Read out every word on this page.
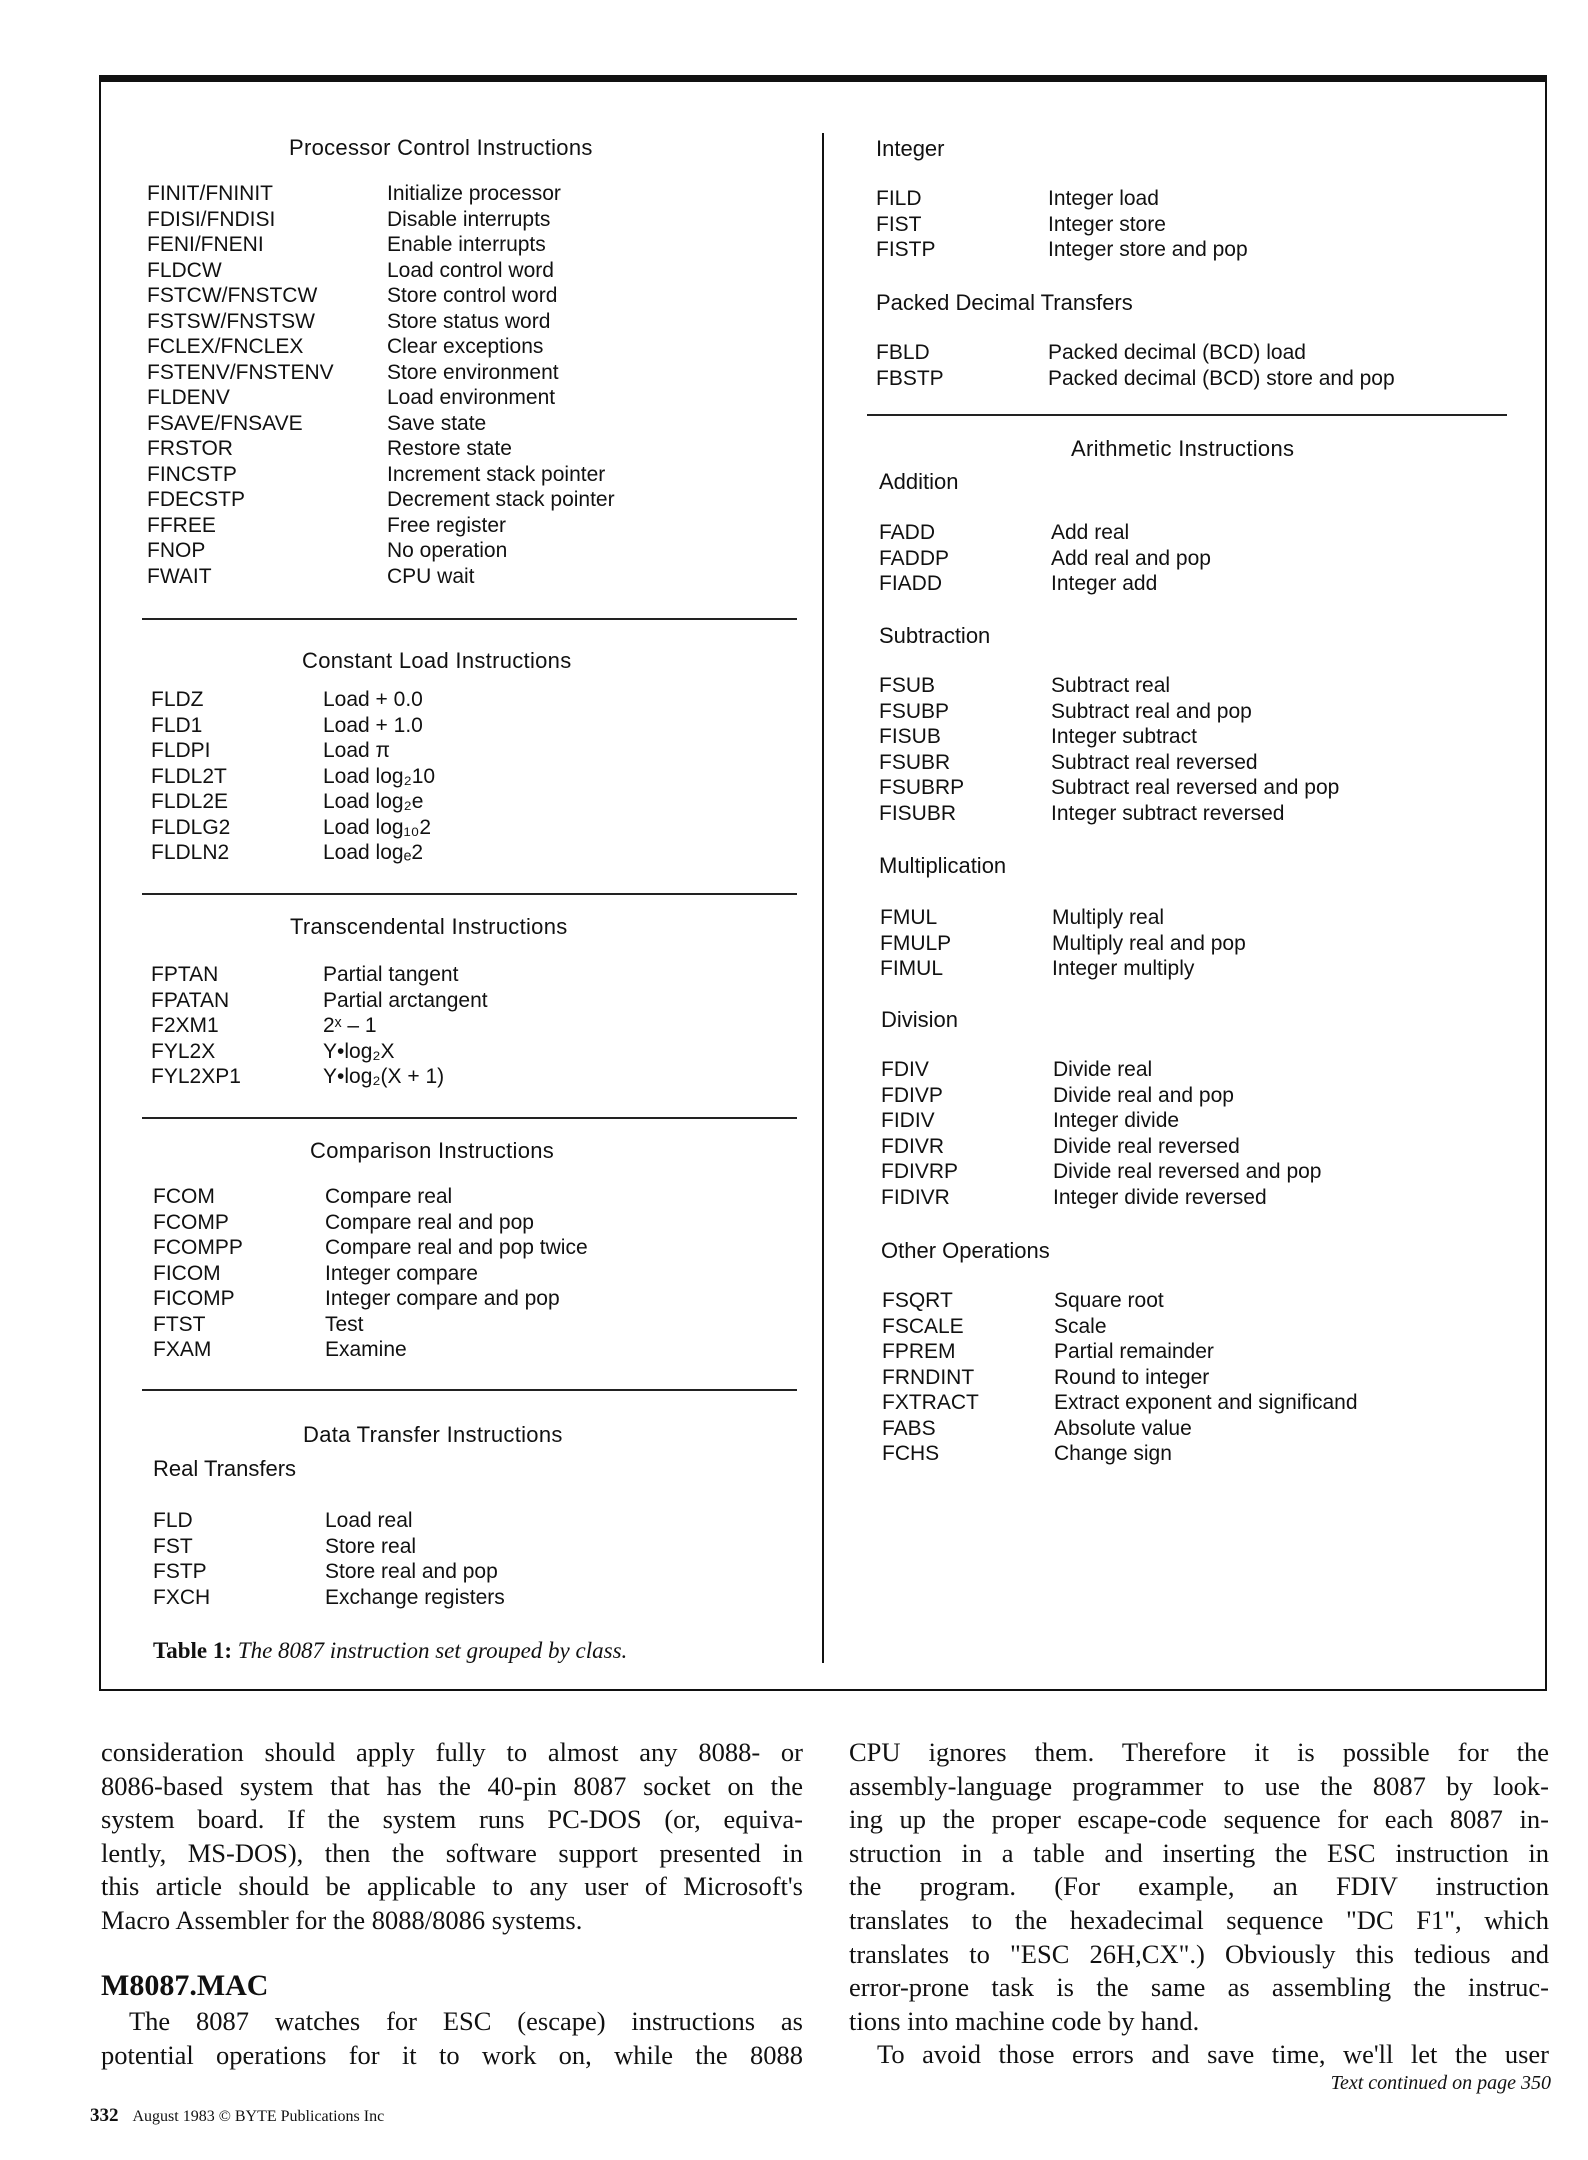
Processor Control Instructions
FINIT/FNINIT	Initialize processor
FDISI/FNDISI	Disable interrupts
FENI/FNENI	Enable interrupts
FLDCW	Load control word
FSTCW/FNSTCW	Store control word
FSTSW/FNSTSW	Store status word
FCLEX/FNCLEX	Clear exceptions
FSTENV/FNSTENV	Store environment
FLDENV	Load environment
FSAVE/FNSAVE	Save state
FRSTOR	Restore state
FINCSTP	Increment stack pointer
FDECSTP	Decrement stack pointer
FFREE	Free register
FNOP	No operation
FWAIT	CPU wait
Constant Load Instructions
FLDZ	Load + 0.0
FLD1	Load + 1.0
FLDPI	Load π
FLDL2T	Load log₂10
FLDL2E	Load log₂e
FLDLG2	Load log₁₀2
FLDLN2	Load logₑ2
Transcendental Instructions
FPTAN	Partial tangent
FPATAN	Partial arctangent
F2XM1	2ˣ – 1
FYL2X	Y•log₂X
FYL2XP1	Y•log₂(X + 1)
Comparison Instructions
FCOM	Compare real
FCOMP	Compare real and pop
FCOMPP	Compare real and pop twice
FICOM	Integer compare
FICOMP	Integer compare and pop
FTST	Test
FXAM	Examine
Data Transfer Instructions
Real Transfers
FLD	Load real
FST	Store real
FSTP	Store real and pop
FXCH	Exchange registers
Table 1: The 8087 instruction set grouped by class.
Integer
FILD	Integer load
FIST	Integer store
FISTP	Integer store and pop
Packed Decimal Transfers
FBLD	Packed decimal (BCD) load
FBSTP	Packed decimal (BCD) store and pop
Arithmetic Instructions
Addition
FADD	Add real
FADDP	Add real and pop
FIADD	Integer add
Subtraction
FSUB	Subtract real
FSUBP	Subtract real and pop
FISUB	Integer subtract
FSUBR	Subtract real reversed
FSUBRP	Subtract real reversed and pop
FISUBR	Integer subtract reversed
Multiplication
FMUL	Multiply real
FMULP	Multiply real and pop
FIMUL	Integer multiply
Division
FDIV	Divide real
FDIVP	Divide real and pop
FIDIV	Integer divide
FDIVR	Divide real reversed
FDIVRP	Divide real reversed and pop
FIDIVR	Integer divide reversed
Other Operations
FSQRT	Square root
FSCALE	Scale
FPREM	Partial remainder
FRNDINT	Round to integer
FXTRACT	Extract exponent and significand
FABS	Absolute value
FCHS	Change sign
consideration should apply fully to almost any 8088- or
8086-based system that has the 40-pin 8087 socket on the
system board. If the system runs PC-DOS (or, equiva-
lently, MS-DOS), then the software support presented in
this article should be applicable to any user of Microsoft's
Macro Assembler for the 8088/8086 systems.
M8087.MAC
The 8087 watches for ESC (escape) instructions as
potential operations for it to work on, while the 8088
CPU ignores them. Therefore it is possible for the
assembly-language programmer to use the 8087 by look-
ing up the proper escape-code sequence for each 8087 in-
struction in a table and inserting the ESC instruction in
the program. (For example, an FDIV instruction
translates to the hexadecimal sequence "DC F1", which
translates to "ESC 26H,CX".) Obviously this tedious and
error-prone task is the same as assembling the instruc-
tions into machine code by hand.
To avoid those errors and save time, we'll let the user
Text continued on page 350
332 August 1983 © BYTE Publications Inc
